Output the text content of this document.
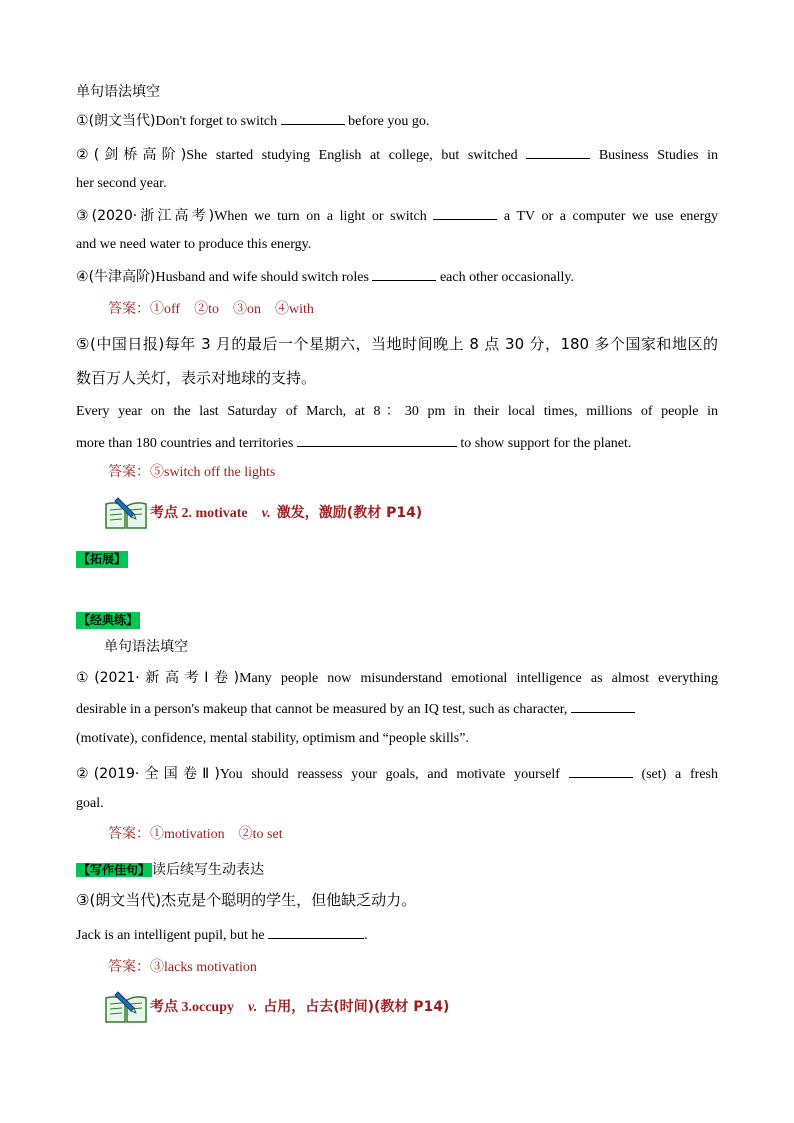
单句语法填空
①(朗文当代)Don't forget to switch	before you go.
②(剑桥高阶)She started studying English at college, but switched	Business Studies in
her second year.
③(2020·浙江高考)When we turn on a light or switch	a TV or a computer we use energy
and we need water to produce this energy.
④(牛津高阶)Husband and wife should switch roles	each other occasionally.
答案：①off　②to　③on　④with
⑤(中国日报)每年 3 月的最后一个星期六，当地时间晚上 8 点 30 分，180 多个国家和地区的
数百万人关灯，表示对地球的支持。
Every year on the last Saturday of March, at 8：30 pm in their local times, millions of people in
more than 180 countries and territories	to show support for the planet.
答案：⑤switch off the lights
考点 2. motivate v. 激发，激励(教材 P14)
【拓展】
【经典练】
单句语法填空
①(2021·新高考Ⅰ卷)Many people now misunderstand emotional intelligence as almost everything
desirable in a person's makeup that cannot be measured by an IQ test, such as character,
(motivate), confidence, mental stability, optimism and “people skills”.
②(2019·全国卷Ⅱ)You should reassess your goals, and motivate yourself	(set) a fresh
goal.
答案：①motivation　②to set
【写作佳句】 读后续写生动表达
③(朗文当代)杰克是个聪明的学生，但他缺乏动力。
Jack is an intelligent pupil, but he	.
答案：③lacks motivation
考点 3.occupy v. 占用，占去(时间)(教材 P14)
